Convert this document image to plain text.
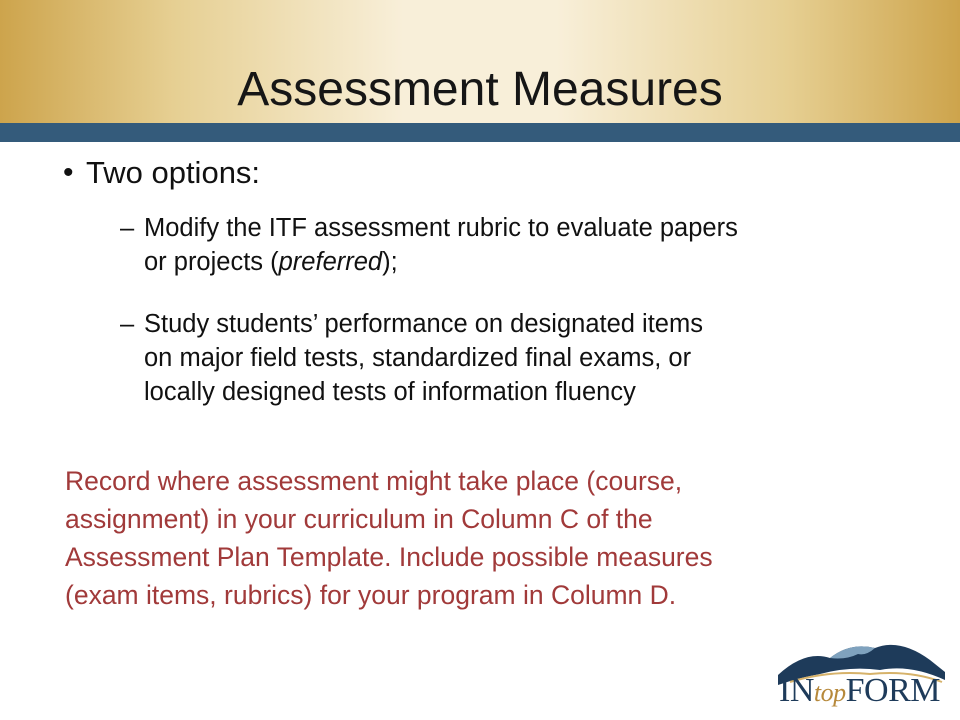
Assessment Measures
• Two options:
– Modify the ITF assessment rubric to evaluate papers
or projects (preferred);
– Study students’ performance on designated items
on major field tests, standardized final exams, or
locally designed tests of information fluency

Record where assessment might take place (course,

assignment) in your curriculum in Column C of the

Assessment Plan Template. Include possible measures

(exam items, rubrics) for your program in Column D.

INtopFORM
